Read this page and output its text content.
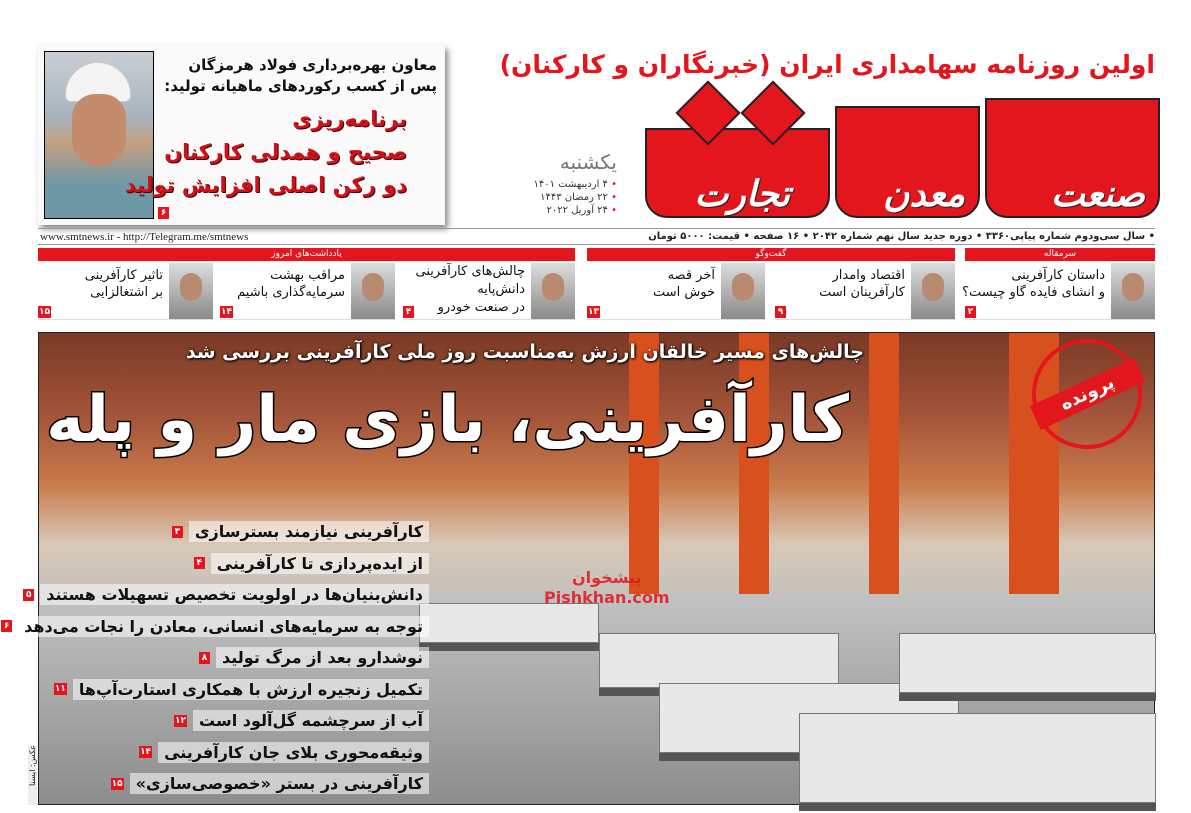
اولین روزنامه سهامداری ایران (خبرنگاران و کارکنان)
صنعت
معدن
تجارت
یکشنبه
• ۴ اردیبهشت ۱۴۰۱
• ۲۲ رمضان ۱۴۴۳
• ۲۴ آوریل ۲۰۲۲
معاون بهره‌برداری فولاد هرمزگان
پس از کسب رکوردهای ماهیانه تولید:
برنامه‌ریزی
صحیح و همدلی کارکنان
دو رکن اصلی افزایش تولید
۶
www.smtnews.ir - http://Telegram.me/smtnews	• سال سی‌ودوم شماره پیاپی۳۳۶۰ • دوره جدید سال نهم شماره ۲۰۴۲ • ۱۶ صفحه • قیمت: ۵۰۰۰ تومان
سرمقاله
گفت‌وگو
یادداشت‌های امروز
داستان کارآفرینی
و انشای فایده گاو چیست؟
۲
اقتصاد وامدار
کارآفرینان است
۹
آخر قصه
خوش است
۱۳
چالش‌های کارآفرینی
دانش‌پایه
در صنعت خودرو
۴
مراقب بهشت
سرمایه‌گذاری باشیم
۱۴
تاثیر کارآفرینی
بر اشتغالزایی
۱۵
چالش‌های مسیر خالقان ارزش به‌مناسبت روز ملی کارآفرینی بررسی شد
کارآفرینی، بازی مار و پله	پرونده
پیشخوان
Pishkhan.com
۳ کارآفرینی نیازمند بسترسازی
۴ از ایده‌پردازی تا کارآفرینی
۵ دانش‌بنیان‌ها در اولویت تخصیص تسهیلات هستند
۶ توجه به سرمایه‌های انسانی، معادن را نجات می‌دهد
۸ نوشدارو بعد از مرگ تولید
۱۱ تکمیل زنجیره ارزش با همکاری استارت‌آپ‌ها
۱۲ آب از سرچشمه گل‌آلود است
۱۴ وثیقه‌محوری بلای جان کارآفرینی
۱۵ کارآفرینی در بستر «خصوصی‌سازی»
عکس: ایسنا
